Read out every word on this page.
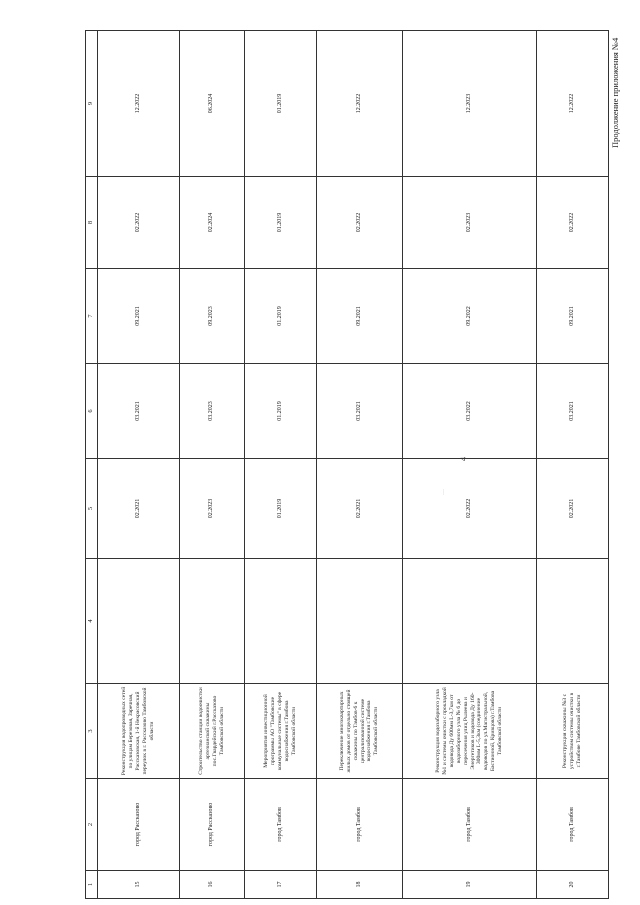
4
Продолжение приложения №4
1	2	3	4	5	6	7	8	9
15	город Рассказово	Реконструкция водопроводных сетей по улицам Березовая, Заречная, Рассказовская, 1-й Некрасовский переулок в г. Рассказово Тамбовской области		02.2021	03.2021	09.2021	02.2022	12.2022
16	город Рассказово	Строительство станции водоочистки артезианской скважины пос.Гвардейский г.Рассказово Тамбовской области		02.2023	03.2023	09.2023	02.2024	06.2024
17	город Тамбов	Мероприятия инвестиционной программы АО "Тамбовские коммунальные системы" в сфере водоснабжения г.Тамбова Тамбовской области		01.2019	01.2019	01.2019	01.2019	01.2019
18	город Тамбов	Переключение многоквартирных жилых домов от отдельно стоящей скважины по Тамбов-6 к централизованной системе водоснабжения г.Тамбова Тамбовской области		02.2021	03.2021	09.2021	02.2022	12.2022
19	город Тамбов	Реконструкция водозаборного узла №1 и системы очистки с прокладкой водовода Ду 600мм L-3,7км от водозаборного узла № 6 до пересечения улиц Рылеева и Энергетиков и водовода Ду 160-300мм L-5,3км (соединение водоводов по ул.Магистральной, Бастионной, Кривцова) г.Тамбова Тамбовской области		02.2022	03.2022	09.2022	02.2023	12.2023
20	город Тамбов	Реконструкция скважины №3 с устройством системы очистки в г.Тамбове Тамбовской области		02.2021	03.2021	09.2021	02.2022	12.2022
…
